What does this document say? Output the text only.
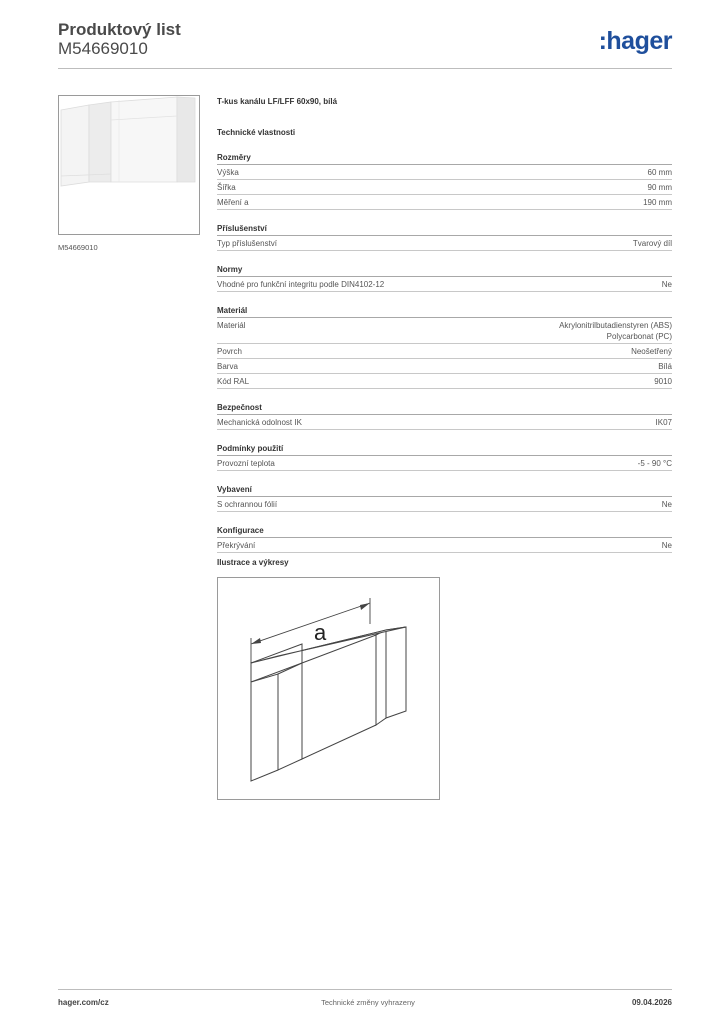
Produktový list
M54669010	:hager
M54669010
T-kus kanálu LF/LFF 60x90, bílá
Technické vlastnosti
Rozměry
Výška	60 mm
Šířka	90 mm
Měření a	190 mm
Příslušenství
Typ příslušenství	Tvarový díl
Normy
Vhodné pro funkční integritu podle DIN4102-12	Ne
Materiál
Materiál	Akrylonitrilbutadienstyren (ABS)
Polycarbonat (PC)
Povrch	Neošetřený
Barva	Bílá
Kód RAL	9010
Bezpečnost
Mechanická odolnost IK	IK07
Podmínky použití
Provozní teplota	-5 - 90 °C
Vybavení
S ochrannou fólií	Ne
Konfigurace
Překrývání	Ne
Ilustrace a výkresy
a
hager.com/cz	Technické změny vyhrazeny	09.04.2026
